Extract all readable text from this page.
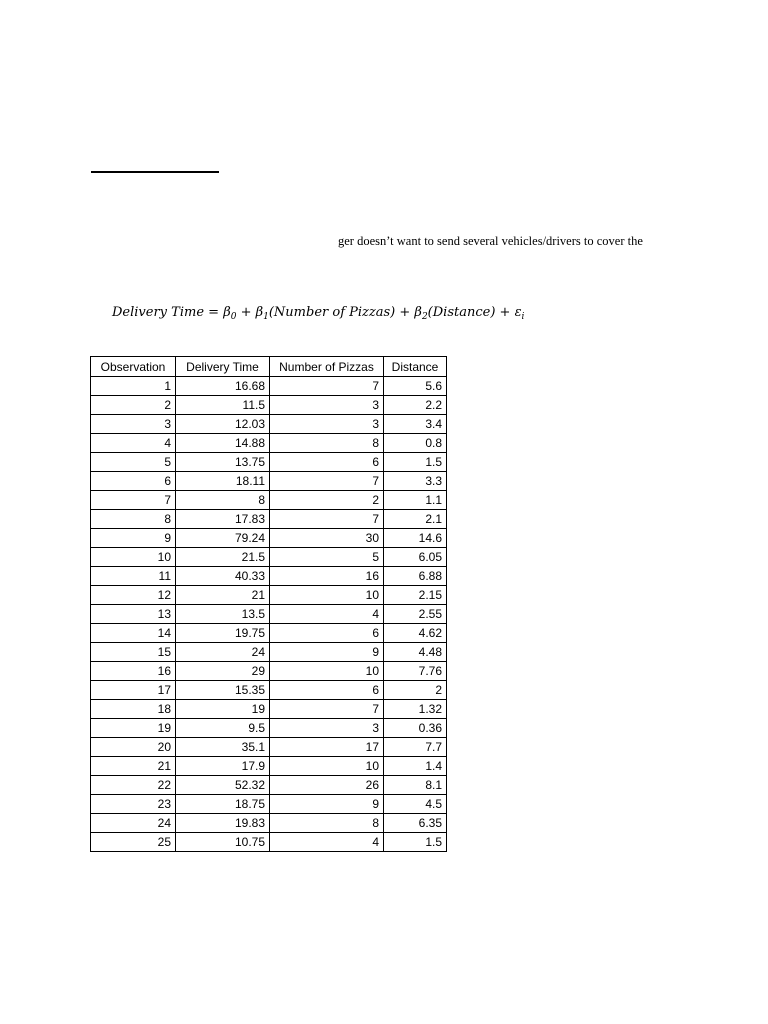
ger doesn’t want to send several vehicles/drivers to cover the
Delivery Time = $\beta_0$ + $\beta_1(Number$ of Pizzas) + $\beta_2(Distance) + \varepsilon_i$
Observation	Delivery Time	Number of Pizzas	Distance
1	16.68	7	5.6
2	11.5	3	2.2
3	12.03	3	3.4
4	14.88	8	0.8
5	13.75	6	1.5
6	18.11	7	3.3
7	8	2	1.1
8	17.83	7	2.1
9	79.24	30	14.6
10	21.5	5	6.05
11	40.33	16	6.88
12	21	10	2.15
13	13.5	4	2.55
14	19.75	6	4.62
15	24	9	4.48
16	29	10	7.76
17	15.35	6	2
18	19	7	1.32
19	9.5	3	0.36
20	35.1	17	7.7
21	17.9	10	1.4
22	52.32	26	8.1
23	18.75	9	4.5
24	19.83	8	6.35
25	10.75	4	1.5
